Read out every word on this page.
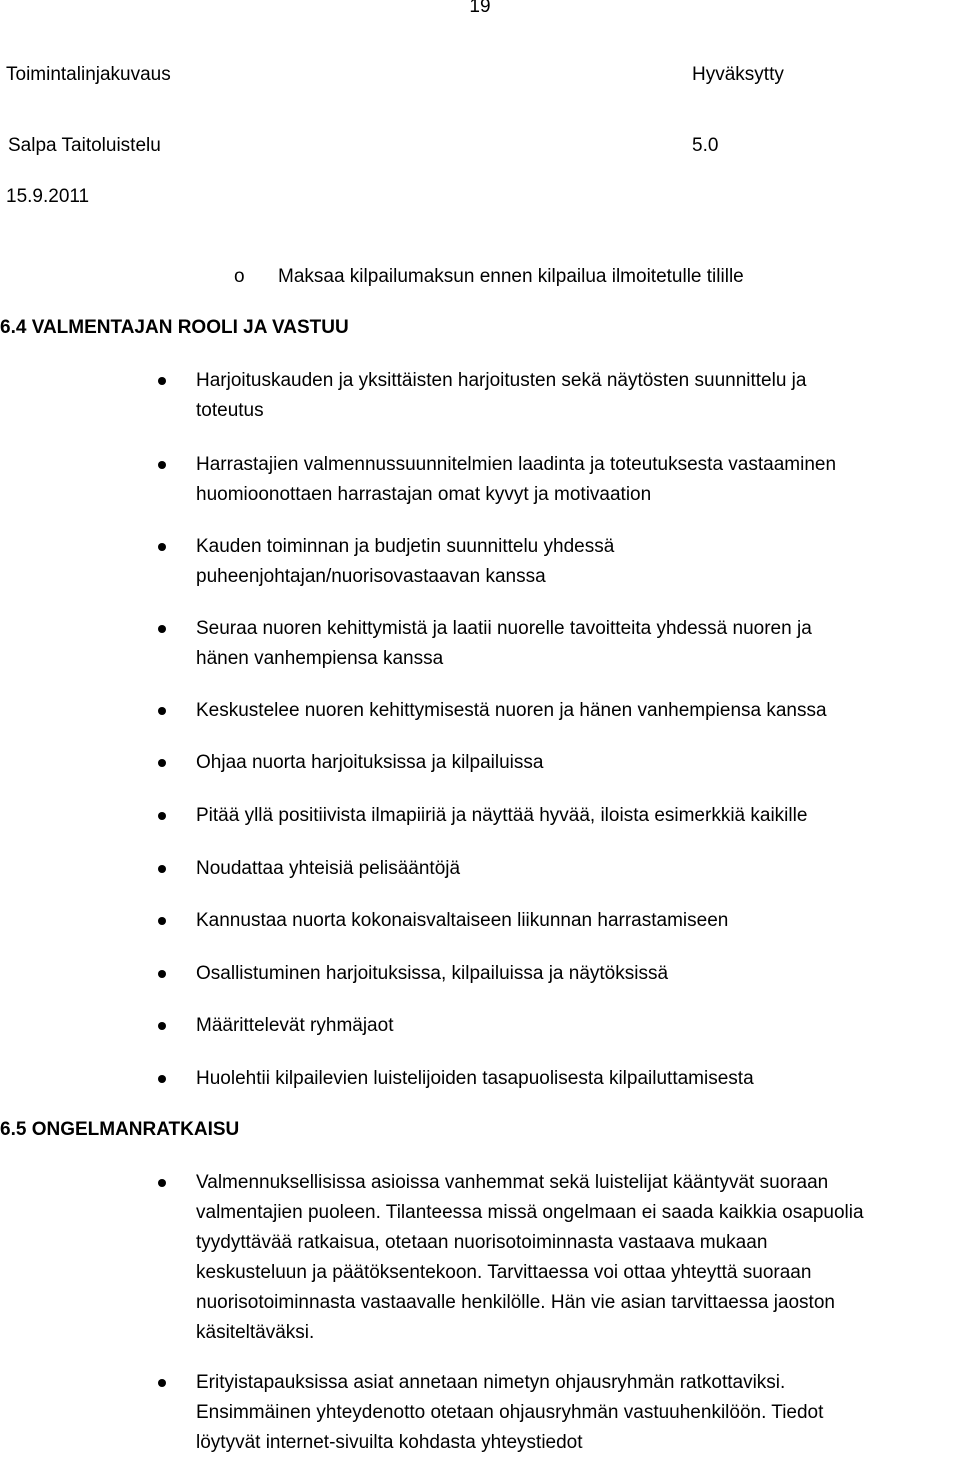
19
Toimintalinjakuvaus	Hyväksytty
Salpa Taitoluistelu	5.0
15.9.2011
o Maksaa kilpailumaksun ennen kilpailua ilmoitetulle tilille
6.4 VALMENTAJAN ROOLI JA VASTUU
Harjoituskauden ja yksittäisten harjoitusten sekä näytösten suunnittelu ja
toteutus
Harrastajien valmennussuunnitelmien laadinta ja toteutuksesta vastaaminen
huomioonottaen harrastajan omat kyvyt ja motivaation
Kauden toiminnan ja budjetin suunnittelu yhdessä
puheenjohtajan/nuorisovastaavan kanssa
Seuraa nuoren kehittymistä ja laatii nuorelle tavoitteita yhdessä nuoren ja
hänen vanhempiensa kanssa
Keskustelee nuoren kehittymisestä nuoren ja hänen vanhempiensa kanssa
Ohjaa nuorta harjoituksissa ja kilpailuissa
Pitää yllä positiivista ilmapiiriä ja näyttää hyvää, iloista esimerkkiä kaikille
Noudattaa yhteisiä pelisääntöjä
Kannustaa nuorta kokonaisvaltaiseen liikunnan harrastamiseen
Osallistuminen harjoituksissa, kilpailuissa ja näytöksissä
Määrittelevät ryhmäjaot
Huolehtii kilpailevien luistelijoiden tasapuolisesta kilpailuttamisesta
6.5 ONGELMANRATKAISU
Valmennuksellisissa asioissa vanhemmat sekä luistelijat kääntyvät suoraan
valmentajien puoleen. Tilanteessa missä ongelmaan ei saada kaikkia osapuolia
tyydyttävää ratkaisua, otetaan nuorisotoiminnasta vastaava mukaan
keskusteluun ja päätöksentekoon. Tarvittaessa voi ottaa yhteyttä suoraan
nuorisotoiminnasta vastaavalle henkilölle. Hän vie asian tarvittaessa jaoston
käsiteltäväksi.
Erityistapauksissa asiat annetaan nimetyn ohjausryhmän ratkottaviksi.
Ensimmäinen yhteydenotto otetaan ohjausryhmän vastuuhenkilöön. Tiedot
löytyvät internet-sivuilta kohdasta yhteystiedot
